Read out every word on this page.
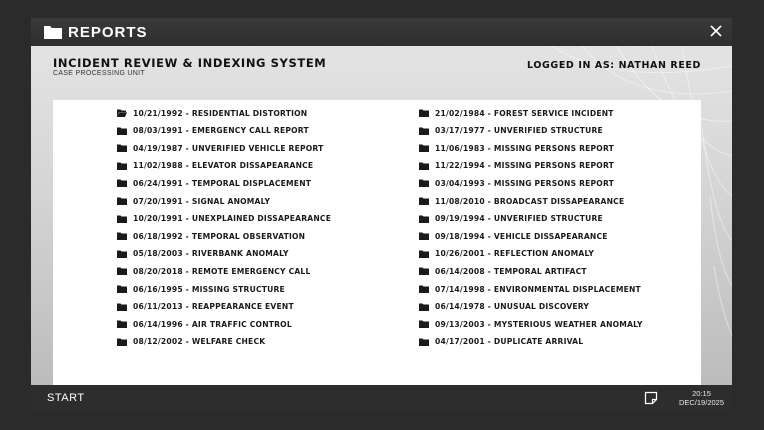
REPORTS
INCIDENT REVIEW & INDEXING SYSTEM
CASE PROCESSING UNIT
LOGGED IN AS: NATHAN REED
10/21/1992 - RESIDENTIAL DISTORTION
08/03/1991 - EMERGENCY CALL REPORT
04/19/1987 - UNVERIFIED VEHICLE REPORT
11/02/1988 - ELEVATOR DISSAPEARANCE
06/24/1991 - TEMPORAL DISPLACEMENT
07/20/1991 - SIGNAL ANOMALY
10/20/1991 - UNEXPLAINED DISSAPEARANCE
06/18/1992 - TEMPORAL OBSERVATION
05/18/2003 - RIVERBANK ANOMALY
08/20/2018 - REMOTE EMERGENCY CALL
06/16/1995 - MISSING STRUCTURE
06/11/2013 - REAPPEARANCE EVENT
06/14/1996 - AIR TRAFFIC CONTROL
08/12/2002 - WELFARE CHECK
21/02/1984 - FOREST SERVICE INCIDENT
03/17/1977 - UNVERIFIED STRUCTURE
11/06/1983 - MISSING PERSONS REPORT
11/22/1994 - MISSING PERSONS REPORT
03/04/1993 - MISSING PERSONS REPORT
11/08/2010 - BROADCAST DISSAPEARANCE
09/19/1994 - UNVERIFIED STRUCTURE
09/18/1994 - VEHICLE DISSAPEARANCE
10/26/2001 - REFLECTION ANOMALY
06/14/2008 - TEMPORAL ARTIFACT
07/14/1998 - ENVIRONMENTAL DISPLACEMENT
06/14/1978 - UNUSUAL DISCOVERY
09/13/2003 - MYSTERIOUS WEATHER ANOMALY
04/17/2001 - DUPLICATE ARRIVAL
START	20:15
DEC/19/2025
